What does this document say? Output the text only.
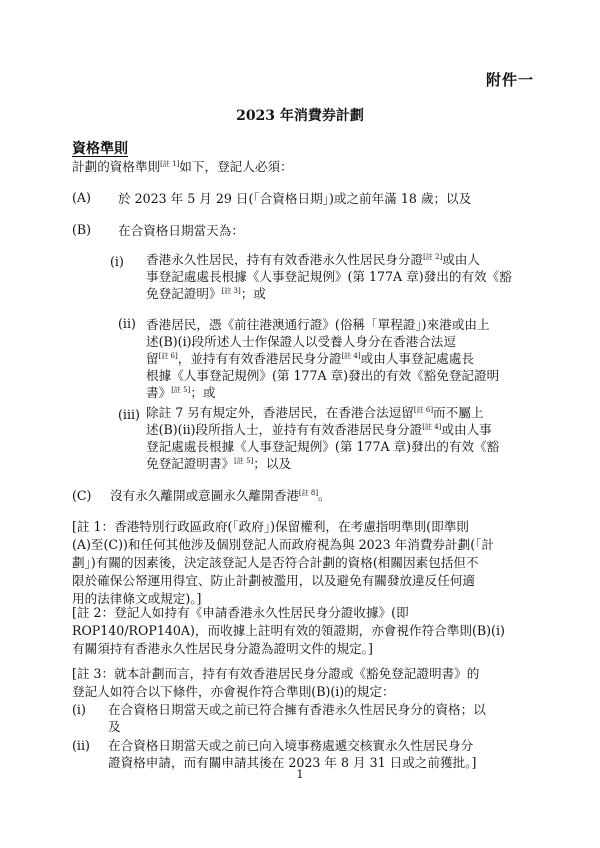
附件一
2023 年消費券計劃
資格準則
計劃的資格準則[註 1]如下，登記人必須：
(A) 於 2023 年 5 月 29 日(「合資格日期」)或之前年滿 18 歲；以及
(B) 在合資格日期當天為：
(i) 香港永久性居民，持有有效香港永久性居民身分證[註 2]或由人
事登記處處長根據《人事登記規例》(第 177A 章)發出的有效《豁
免登記證明》[註 3]；或
(ii) 香港居民，憑《前往港澳通行證》(俗稱「單程證」)來港或由上
述(B)(i)段所述人士作保證人以受養人身分在香港合法逗
留[註 6]，並持有有效香港居民身分證[註 4]或由人事登記處處長
根據《人事登記規例》(第 177A 章)發出的有效《豁免登記證明
書》[註 5]；或
(iii) 除註 7 另有規定外，香港居民，在香港合法逗留[註 6]而不屬上
述(B)(ii)段所指人士，並持有有效香港居民身分證[註 4]或由人事
登記處處長根據《人事登記規例》(第 177A 章)發出的有效《豁
免登記證明書》[註 5]；以及
(C) 沒有永久離開或意圖永久離開香港[註 8]。
[註 1：香港特別行政區政府(「政府」)保留權利，在考慮指明準則(即準則
(A)至(C))和任何其他涉及個別登記人而政府視為與 2023 年消費券計劃(「計
劃」)有關的因素後，決定該登記人是否符合計劃的資格(相關因素包括但不
限於確保公帑運用得宜、防止計劃被濫用，以及避免有關發放違反任何適
用的法律條文或規定)。]
[註 2：登記人如持有《申請香港永久性居民身分證收據》(即
ROP140/ROP140A)，而收據上註明有效的領證期，亦會視作符合準則(B)(i)
有關須持有香港永久性居民身分證為證明文件的規定。]
[註 3：就本計劃而言，持有有效香港居民身分證或《豁免登記證明書》的
登記人如符合以下條件，亦會視作符合準則(B)(i)的規定：
(i) 在合資格日期當天或之前已符合擁有香港永久性居民身分的資格；以
及
(ii) 在合資格日期當天或之前已向入境事務處遞交核實永久性居民身分
證資格申請，而有關申請其後在 2023 年 8 月 31 日或之前獲批。]
1
